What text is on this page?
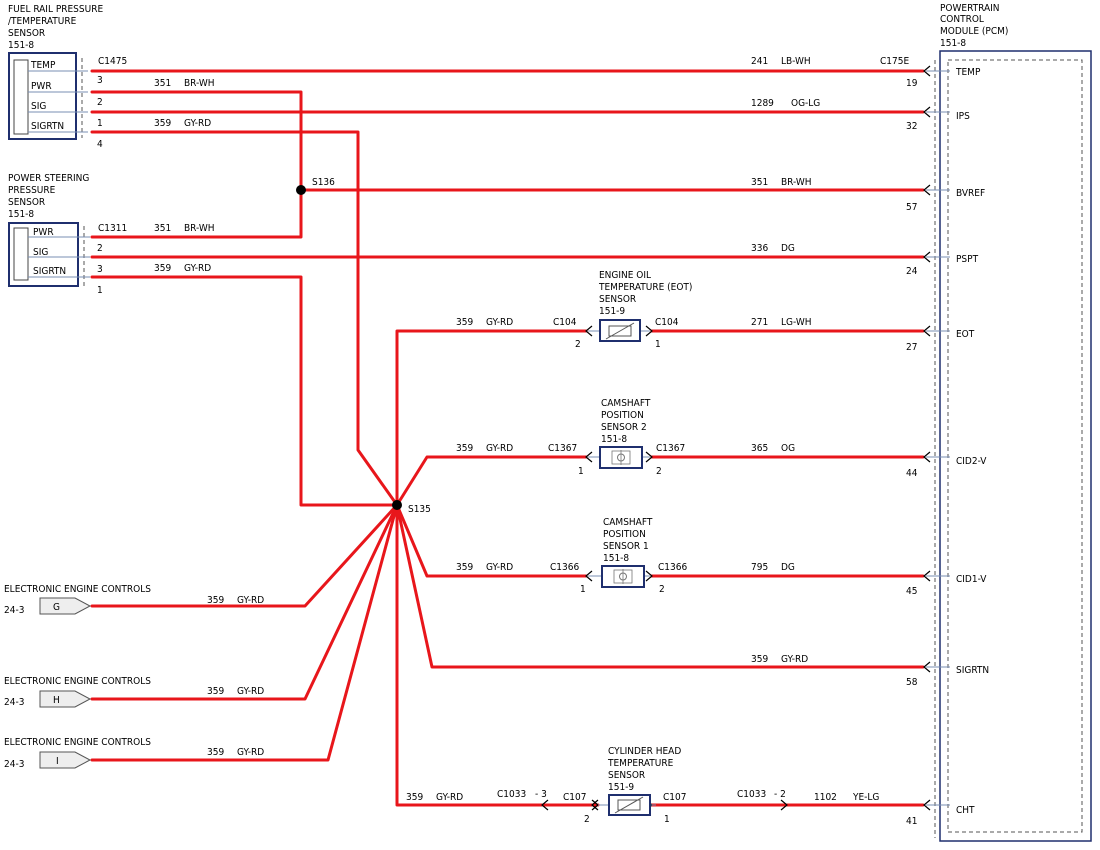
POWERTRAIN
CONTROL
MODULE (PCM)
151-8
C175E
FUEL RAIL PRESSURE
/TEMPERATURE
SENSOR
151-8
TEMP
PWR
SIG
SIGRTN
C1475
3
2
1
4
POWER STEERING
PRESSURE
SENSOR
151-8
PWR
SIG
SIGRTN
C1311
2
3
1
S136
S135
241 LB-WH
351 BR-WH
1289 OG-LG
359 GY-RD
351 BR-WH
351 BR-WH
336 DG
359 GY-RD
359 GY-RD	271 LG-WH
359 GY-RD	365 OG
359 GY-RD	795 DG
359 GY-RD
359 GY-RD
359 GY-RD
359 GY-RD
359 GY-RD	1102 YE-LG
TEMP
19
IPS
32
BVREF
57
PSPT
24
EOT
27
CID2-V
44
CID1-V
45
SIGRTN
58
CHT
41
ENGINE OIL
TEMPERATURE (EOT)
SENSOR
151-9
C104	C104
2	1
CAMSHAFT
POSITION
SENSOR 2
151-8
C1367	C1367
1	2
CAMSHAFT
POSITION
SENSOR 1
151-8
C1366	C1366
1	2
CYLINDER HEAD
TEMPERATURE
SENSOR
151-9
C1033 - 3 C107	C107
2	1
C1033 - 2
ELECTRONIC ENGINE CONTROLS
24-3	G
ELECTRONIC ENGINE CONTROLS
24-3	H
ELECTRONIC ENGINE CONTROLS
24-3	I
